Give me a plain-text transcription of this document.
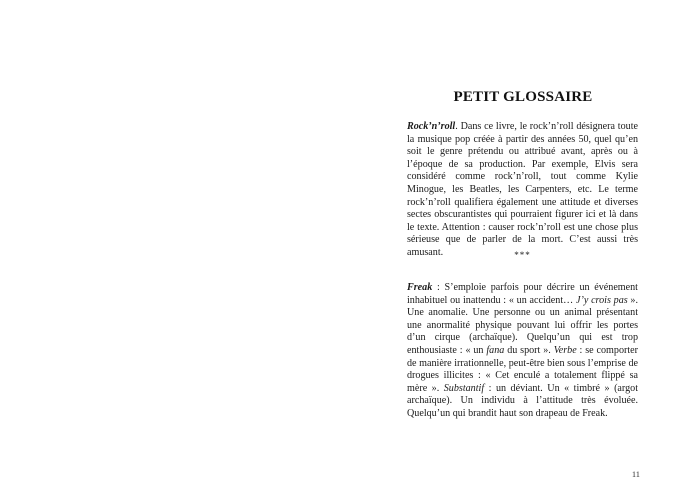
PETIT GLOSSAIRE

Rock’n’roll. Dans ce livre, le rock’n’roll désignera toute la musique pop créée à partir des années 50, quel qu’en soit le genre prétendu ou attribué avant, après ou à l’époque de sa production. Par exemple, Elvis sera considéré comme rock’n’roll, tout comme Kylie Minogue, les Beatles, les Carpenters, etc. Le terme rock’n’roll qualifiera également une attitude et diverses sectes obscurantistes qui pourraient figurer ici et là dans le texte. Attention : causer rock’n’roll est une chose plus sérieuse que de parler de la mort. C’est aussi très amusant.	***

Freak : S’emploie parfois pour décrire un événement inhabituel ou inattendu : « un accident… J’y crois pas ». Une anomalie. Une personne ou un animal présentant une anormalité physique pouvant lui offrir les portes d’un cirque (archaïque). Quelqu’un qui est trop enthousiaste : « un fana du sport ». Verbe : se comporter de manière irrationnelle, peut-être bien sous l’emprise de drogues illicites : « Cet enculé a totalement flippé sa mère ». Substantif : un déviant. Un « timbré » (argot archaïque). Un individu à l’attitude très évoluée. Quelqu’un qui brandit haut son drapeau de Freak.

11
